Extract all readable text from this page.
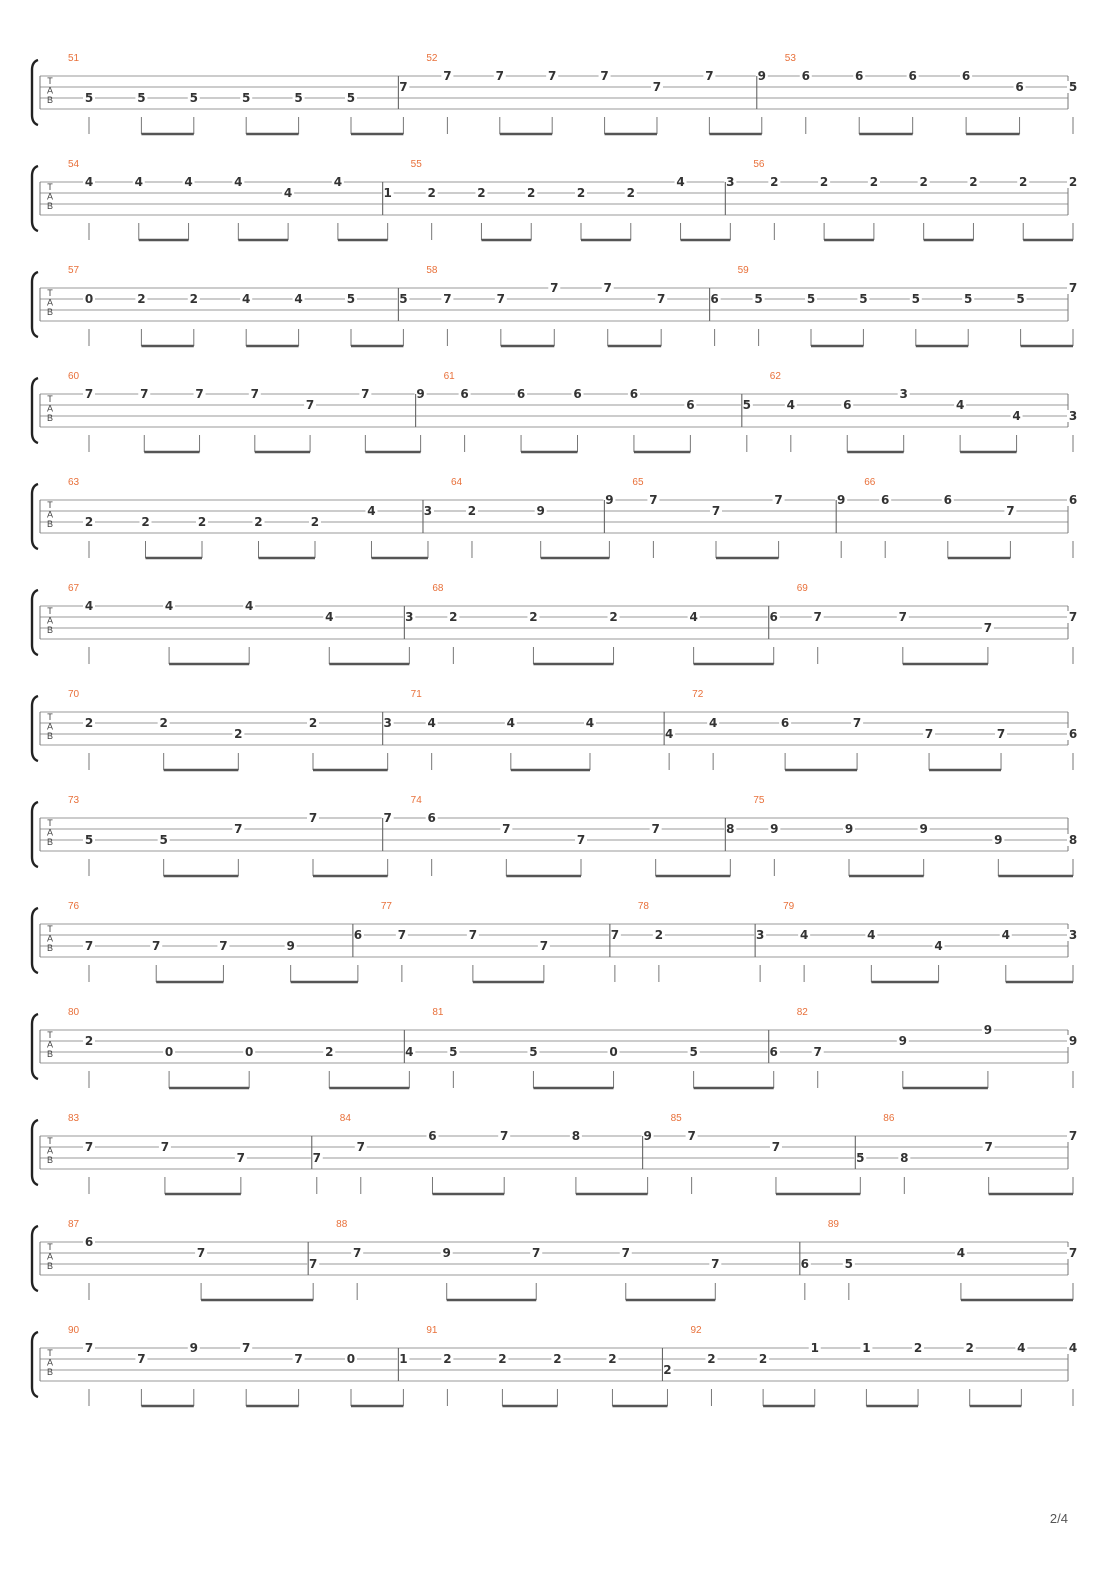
T
A
B
51
5	5	5	5	5	5
7
52
7	7	7	7
7
7	9
53
6	6	6	6
6	5
T
A
B
54
4	4	4	4
4
4
1
55
2	2	2	2	2
4	3
56
2	2	2	2	2	2	2
T
A
B
57
0	2	2	4	4	5	5
58
7	7
7	7
7	6
59
5	5	5	5	5	5
7
T
A
B
60
7	7	7	7
7
7	9
61
6	6	6	6
6	5
62
4	6
3
4
4	3
T
A
B
63
2	2	2	2	2
4	3
64
2	9
9
65
7
7
7	9
66
6	6
7
6
T
A
B
67
4	4	4
4	3
68
2	2	2	4	6
69
7	7
7
7
T
A
B
70
2	2
2
2	3
71
4	4	4
4
72
4	6	7
7	7	6
T
A
B
73
5	5
7
7	7
74
6
7
7
7	8
75
9	9	9
9	8
T
A
B
76
7	7	7	9
6
77
7	7
7
7
78
2	3
79
4	4
4
4	3
T
A
B
80
2
0	0	2	4
81
5	5	0	5	6
82
7
9
9
9
T
A
B
83
7	7
7	7
84
7
6	7	8	9
85
7
7
5
86
8
7
7
T
A
B
87
6
7
7
88
7	9	7	7
7	6
89
5
4	7
T
A
B
90
7
7
9	7
7	0	1
91
2	2	2	2
2
92
2	2
1	1	2	2	4	4
2/4
